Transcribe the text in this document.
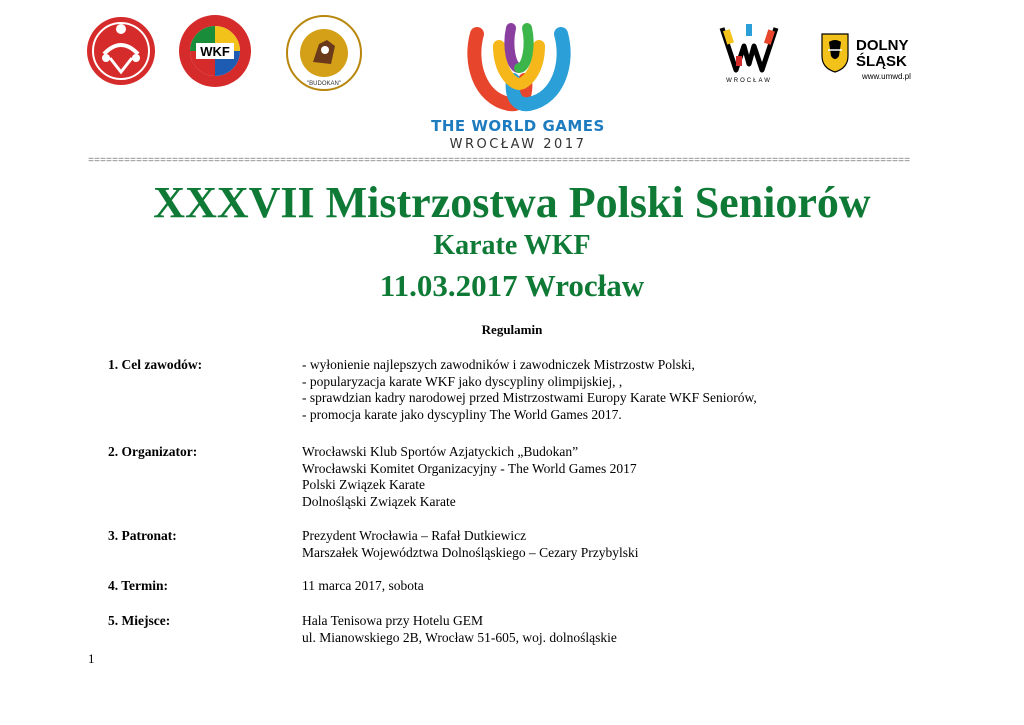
WKF
"BUDOKAN"
THE WORLD GAMES
WROCŁAW 2017
WROCŁAW
DOLNY
ŚLĄSK
www.umwd.pl
=========================================================================================================================================
XXXVII Mistrzostwa Polski Seniorów
Karate WKF
11.03.2017 Wrocław
Regulamin
1. Cel zawodów:	- wyłonienie najlepszych zawodników i zawodniczek Mistrzostw Polski,
- popularyzacja karate WKF jako dyscypliny olimpijskiej, ,
- sprawdzian kadry narodowej przed Mistrzostwami Europy Karate WKF Seniorów,
- promocja karate jako dyscypliny The World Games 2017.
2. Organizator:	Wrocławski Klub Sportów Azjatyckich „Budokan”
Wrocławski Komitet Organizacyjny - The World Games 2017
Polski Związek Karate
Dolnośląski Związek Karate
3. Patronat:	Prezydent Wrocławia – Rafał Dutkiewicz
Marszałek Województwa Dolnośląskiego – Cezary Przybylski
4. Termin:	11 marca 2017, sobota
5. Miejsce:	Hala Tenisowa przy Hotelu GEM
ul. Mianowskiego 2B, Wrocław 51-605, woj. dolnośląskie
1
